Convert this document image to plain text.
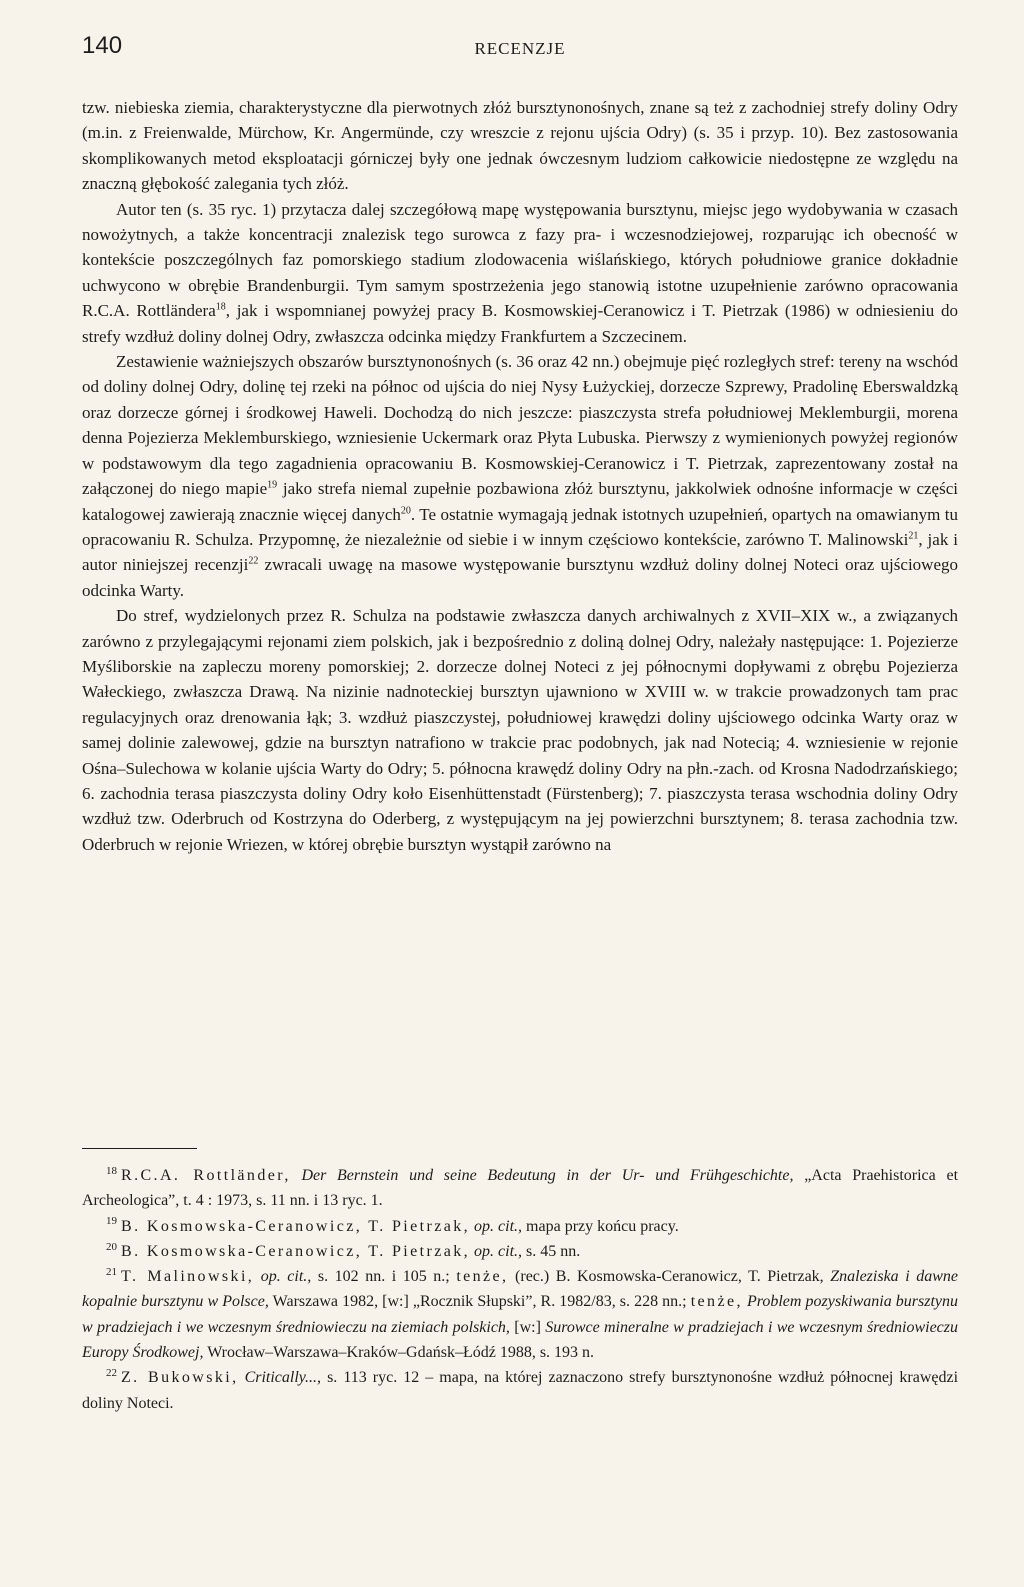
140	RECENZJE

tzw. niebieska ziemia, charakterystyczne dla pierwotnych złóż bursztynonośnych, znane są też z zachodniej strefy doliny Odry (m.in. z Freienwalde, Mürchow, Kr. Angermünde, czy wreszcie z rejonu ujścia Odry) (s. 35 i przyp. 10). Bez zastosowania skomplikowanych metod eksploatacji górniczej były one jednak ówczesnym ludziom całkowicie niedostępne ze względu na znaczną głębokość zalegania tych złóż.

Autor ten (s. 35 ryc. 1) przytacza dalej szczegółową mapę występowania bursztynu, miejsc jego wydobywania w czasach nowożytnych, a także koncentracji znalezisk tego surowca z fazy pra- i wczesnodziejowej, rozparując ich obecność w kontekście poszczególnych faz pomorskiego stadium zlodowacenia wiślańskiego, których południowe granice dokładnie uchwycono w obrębie Brandenburgii. Tym samym spostrzeżenia jego stanowią istotne uzupełnienie zarówno opracowania R.C.A. Rottländera$^{18}$, jak i wspomnianej powyżej pracy B. Kosmowskiej-Ceranowicz i T. Pietrzak (1986) w odniesieniu do strefy wzdłuż doliny dolnej Odry, zwłaszcza odcinka między Frankfurtem a Szczecinem.

Zestawienie ważniejszych obszarów bursztynonośnych (s. 36 oraz 42 nn.) obejmuje pięć rozległych stref: tereny na wschód od doliny dolnej Odry, dolinę tej rzeki na północ od ujścia do niej Nysy Łużyckiej, dorzecze Szprewy, Pradolinę Eberswaldzką oraz dorzecze górnej i środkowej Haweli. Dochodzą do nich jeszcze: piaszczysta strefa południowej Meklemburgii, morena denna Pojezierza Meklemburskiego, wzniesienie Uckermark oraz Płyta Lubuska. Pierwszy z wymienionych powyżej regionów w podstawowym dla tego zagadnienia opracowaniu B. Kosmowskiej-Ceranowicz i T. Pietrzak, zaprezentowany został na załączonej do niego mapie$^{19}$ jako strefa niemal zupełnie pozbawiona złóż bursztynu, jakkolwiek odnośne informacje w części katalogowej zawierają znacznie więcej danych$^{20}$. Te ostatnie wymagają jednak istotnych uzupełnień, opartych na omawianym tu opracowaniu R. Schulza. Przypomnę, że niezależnie od siebie i w innym częściowo kontekście, zarówno T. Malinowski$^{21}$, jak i autor niniejszej recenzji$^{22}$ zwracali uwagę na masowe występowanie bursztynu wzdłuż doliny dolnej Noteci oraz ujściowego odcinka Warty.

Do stref, wydzielonych przez R. Schulza na podstawie zwłaszcza danych archiwalnych z XVII–XIX w., a związanych zarówno z przylegającymi rejonami ziem polskich, jak i bezpośrednio z doliną dolnej Odry, należały następujące: 1. Pojezierze Myśliborskie na zapleczu moreny pomorskiej; 2. dorzecze dolnej Noteci z jej północnymi dopływami z obrębu Pojezierza Wałeckiego, zwłaszcza Drawą. Na nizinie nadnoteckiej bursztyn ujawniono w XVIII w. w trakcie prowadzonych tam prac regulacyjnych oraz drenowania łąk; 3. wzdłuż piaszczystej, południowej krawędzi doliny ujściowego odcinka Warty oraz w samej dolinie zalewowej, gdzie na bursztyn natrafiono w trakcie prac podobnych, jak nad Notecią; 4. wzniesienie w rejonie Ośna–Sulechowa w kolanie ujścia Warty do Odry; 5. północna krawędź doliny Odry na płn.-zach. od Krosna Nadodrzańskiego; 6. zachodnia terasa piaszczysta doliny Odry koło Eisenhüttenstadt (Fürstenberg); 7. piaszczysta terasa wschodnia doliny Odry wzdłuż tzw. Oderbruch od Kostrzyna do Oderberg, z występującym na jej powierzchni bursztynem; 8. terasa zachodnia tzw. Oderbruch w rejonie Wriezen, w której obrębie bursztyn wystąpił zarówno na

$^{18}$ R.C.A. Rottländer, Der Bernstein und seine Bedeutung in der Ur- und Frühgeschichte, „Acta Praehistorica et Archeologica”, t. 4 : 1973, s. 11 nn. i 13 ryc. 1.

$^{19}$ B. Kosmowska-Ceranowicz, T. Pietrzak, op. cit., mapa przy końcu pracy.

$^{20}$ B. Kosmowska-Ceranowicz, T. Pietrzak, op. cit., s. 45 nn.

$^{21}$ T. Malinowski, op. cit., s. 102 nn. i 105 n.; tenże, (rec.) B. Kosmowska-Ceranowicz, T. Pietrzak, Znaleziska i dawne kopalnie bursztynu w Polsce, Warszawa 1982, [w:] „Rocznik Słupski”, R. 1982/83, s. 228 nn.; tenże, Problem pozyskiwania bursztynu w pradziejach i we wczesnym średniowieczu na ziemiach polskich, [w:] Surowce mineralne w pradziejach i we wczesnym średniowieczu Europy Środkowej, Wrocław–Warszawa–Kraków–Gdańsk–Łódź 1988, s. 193 n.

$^{22}$ Z. Bukowski, Critically..., s. 113 ryc. 12 – mapa, na której zaznaczono strefy bursztynonośne wzdłuż północnej krawędzi doliny Noteci.
